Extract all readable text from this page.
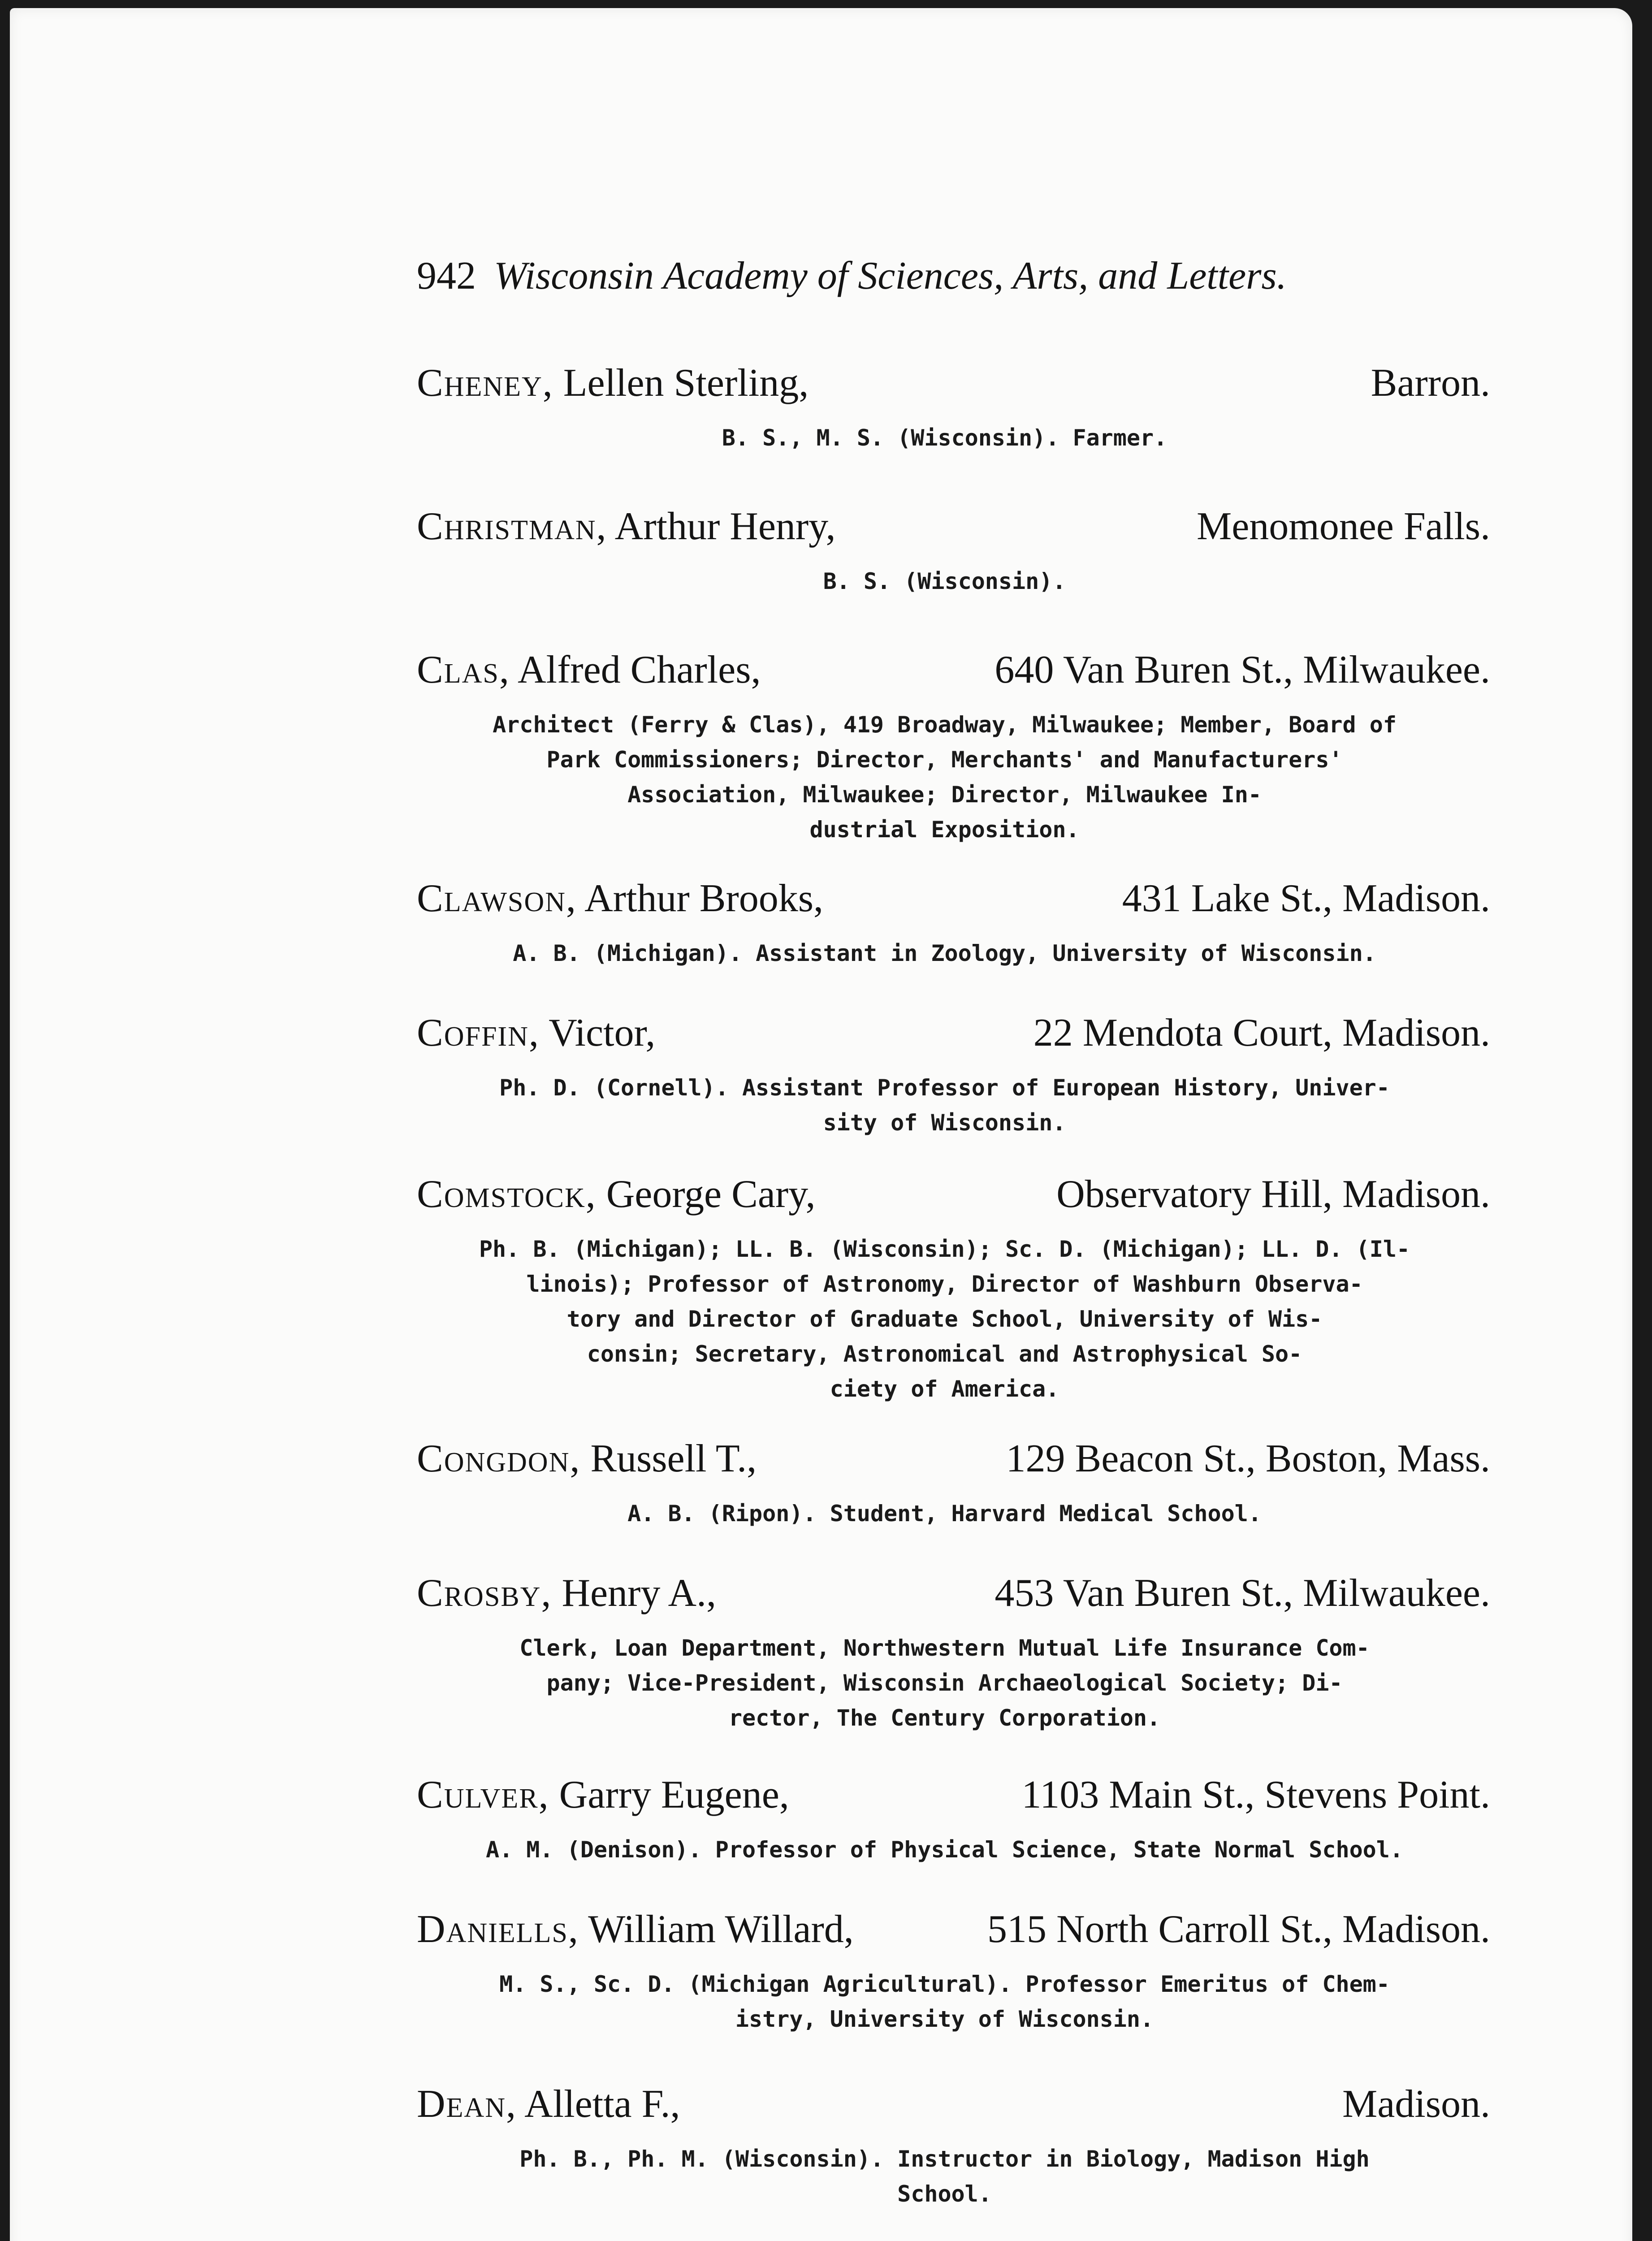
942 Wisconsin Academy of Sciences, Arts, and Letters.
Cheney, Lellen Sterling,	Barron.
B. S., M. S. (Wisconsin). Farmer.
Christman, Arthur Henry,	Menomonee Falls.
B. S. (Wisconsin).
Clas, Alfred Charles,	640 Van Buren St., Milwaukee.
Architect (Ferry & Clas), 419 Broadway, Milwaukee; Member, Board of
Park Commissioners; Director, Merchants' and Manufacturers'
Association, Milwaukee; Director, Milwaukee In-
dustrial Exposition.
Clawson, Arthur Brooks,	431 Lake St., Madison.
A. B. (Michigan). Assistant in Zoology, University of Wisconsin.
Coffin, Victor,	22 Mendota Court, Madison.
Ph. D. (Cornell). Assistant Professor of European History, Univer-
sity of Wisconsin.
Comstock, George Cary,	Observatory Hill, Madison.
Ph. B. (Michigan); LL. B. (Wisconsin); Sc. D. (Michigan); LL. D. (Il-
linois); Professor of Astronomy, Director of Washburn Observa-
tory and Director of Graduate School, University of Wis-
consin; Secretary, Astronomical and Astrophysical So-
ciety of America.
Congdon, Russell T.,	129 Beacon St., Boston, Mass.
A. B. (Ripon). Student, Harvard Medical School.
Crosby, Henry A.,	453 Van Buren St., Milwaukee.
Clerk, Loan Department, Northwestern Mutual Life Insurance Com-
pany; Vice-President, Wisconsin Archaeological Society; Di-
rector, The Century Corporation.
Culver, Garry Eugene,	1103 Main St., Stevens Point.
A. M. (Denison). Professor of Physical Science, State Normal School.
Daniells, William Willard,	515 North Carroll St., Madison.
M. S., Sc. D. (Michigan Agricultural). Professor Emeritus of Chem-
istry, University of Wisconsin.
Dean, Alletta F.,	Madison.
Ph. B., Ph. M. (Wisconsin). Instructor in Biology, Madison High
School.
